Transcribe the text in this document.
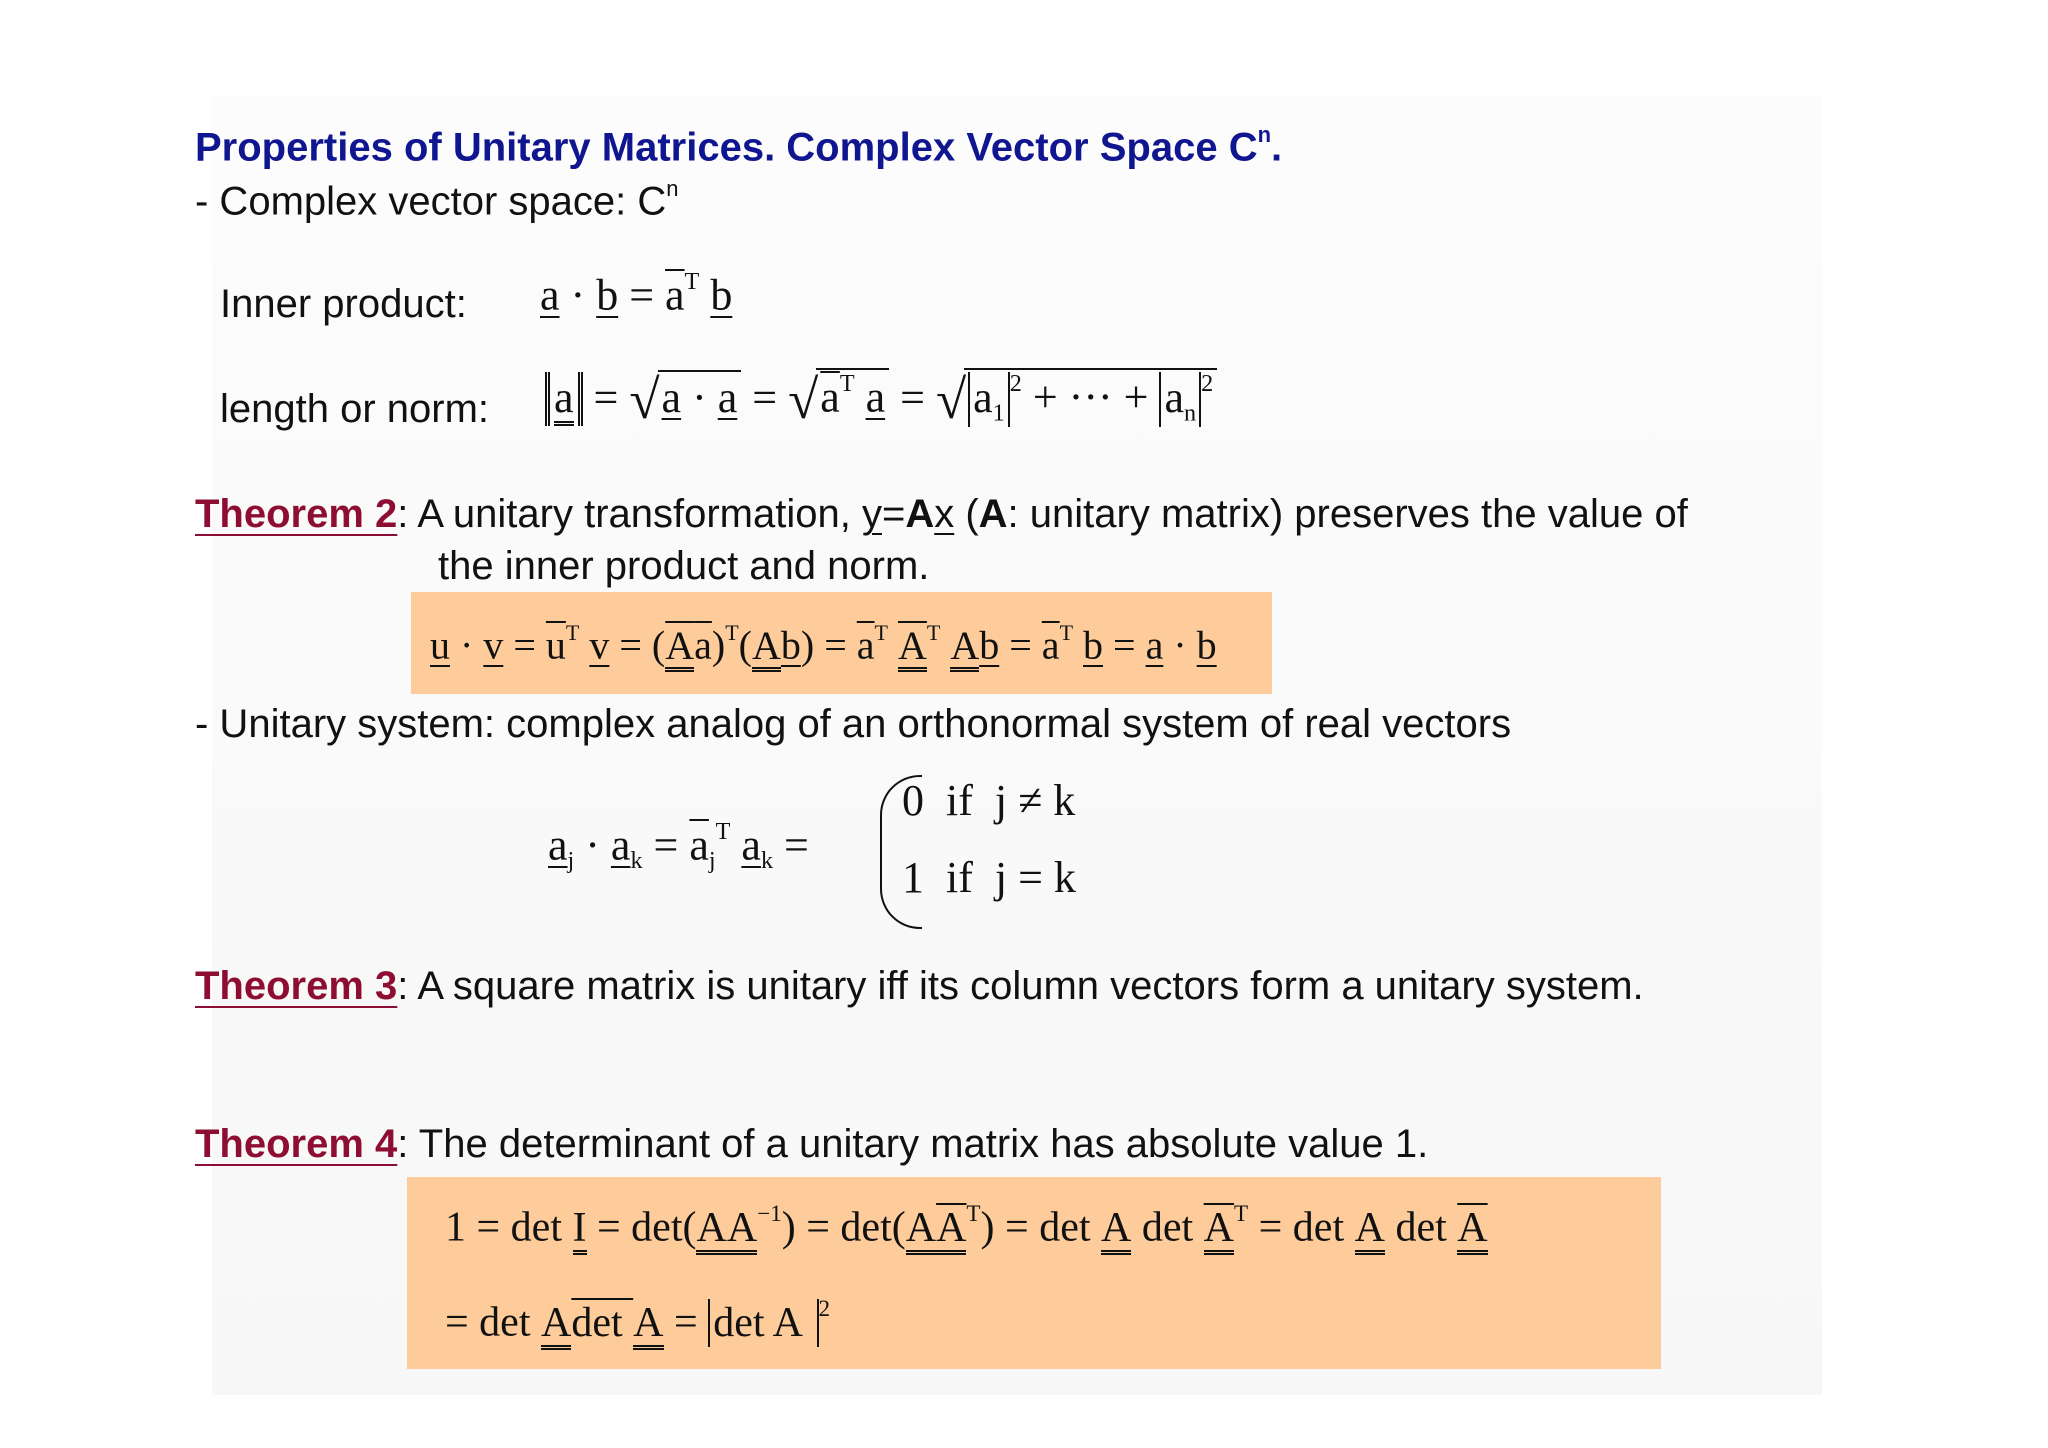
Properties of Unitary Matrices. Complex Vector Space $C^n$.
- Complex vector space: $C^n$
Inner product: $a \cdot b = \overline{a}^T$ b
length or norm: $a = √a \cdot a = √a^T$ a = √ $a_1^2$ + ··· + $a_n^2$
Theorem 2: A unitary transformation, y=Ax (A: unitary matrix) preserves the value of
the inner product and norm.
$u \cdot v = \overline{u}^T$ $v = (\overline{A}\overline{a})^T(Ab) = \overline{a}^T$ $\overline{A}^T$ $Ab = \overline{a}^T$ b = a · b
- Unitary system: complex analog of an orthonormal system of real vectors
$a_j \cdot a_k = \overline{a}_j^T$ $a_k$ =
0  if  j ≠ k
1  if  j = k
Theorem 3: A square matrix is unitary iff its column vectors form a unitary system.
Theorem 4: The determinant of a unitary matrix has absolute value 1.
$1 = \det I = \det(AA^{-1}) = \det(A\overline{A}^T) = \det A$ $\det \overline{A}^T = \det A$ $\det \overline{A}$
= det Adet A = det A $^2$
